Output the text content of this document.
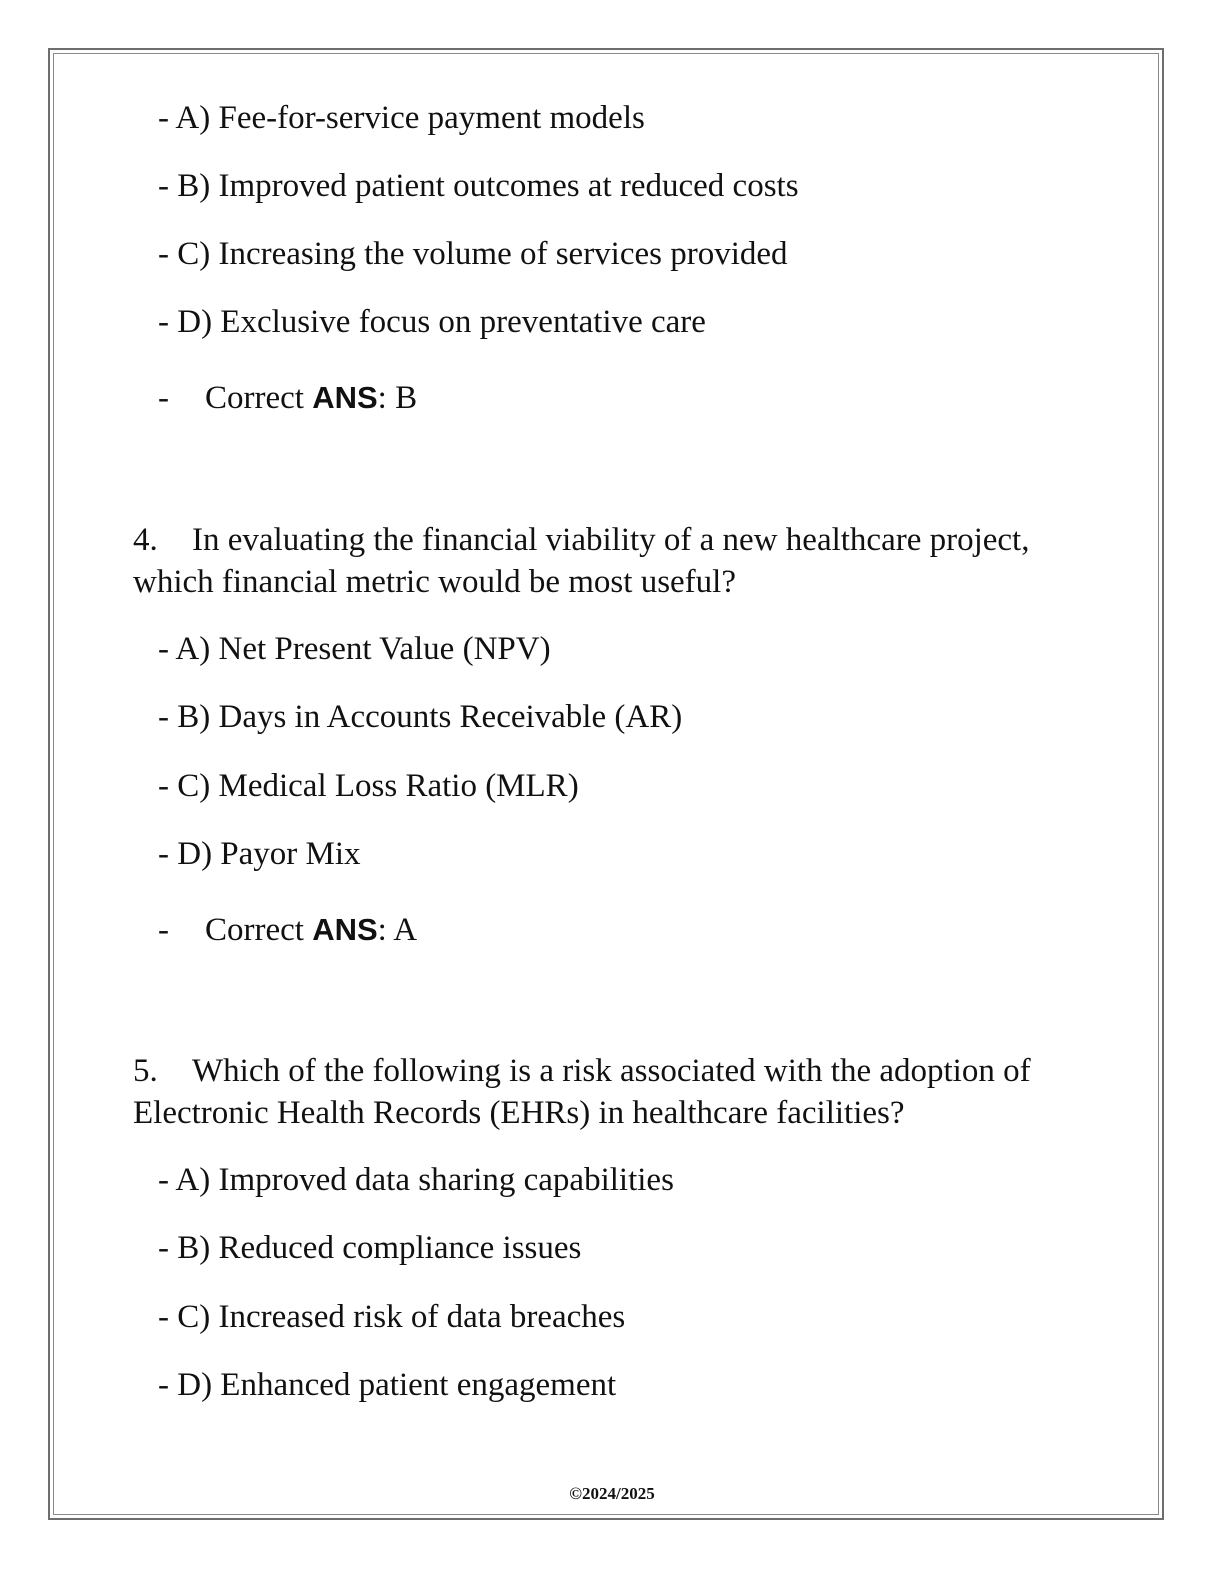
- A) Fee-for-service payment models
- B) Improved patient outcomes at reduced costs
- C) Increasing the volume of services provided
- D) Exclusive focus on preventative care
- Correct ANS: B
4. In evaluating the financial viability of a new healthcare project, which financial metric would be most useful?
- A) Net Present Value (NPV)
- B) Days in Accounts Receivable (AR)
- C) Medical Loss Ratio (MLR)
- D) Payor Mix
- Correct ANS: A
5. Which of the following is a risk associated with the adoption of Electronic Health Records (EHRs) in healthcare facilities?
- A) Improved data sharing capabilities
- B) Reduced compliance issues
- C) Increased risk of data breaches
- D) Enhanced patient engagement
©2024/2025
